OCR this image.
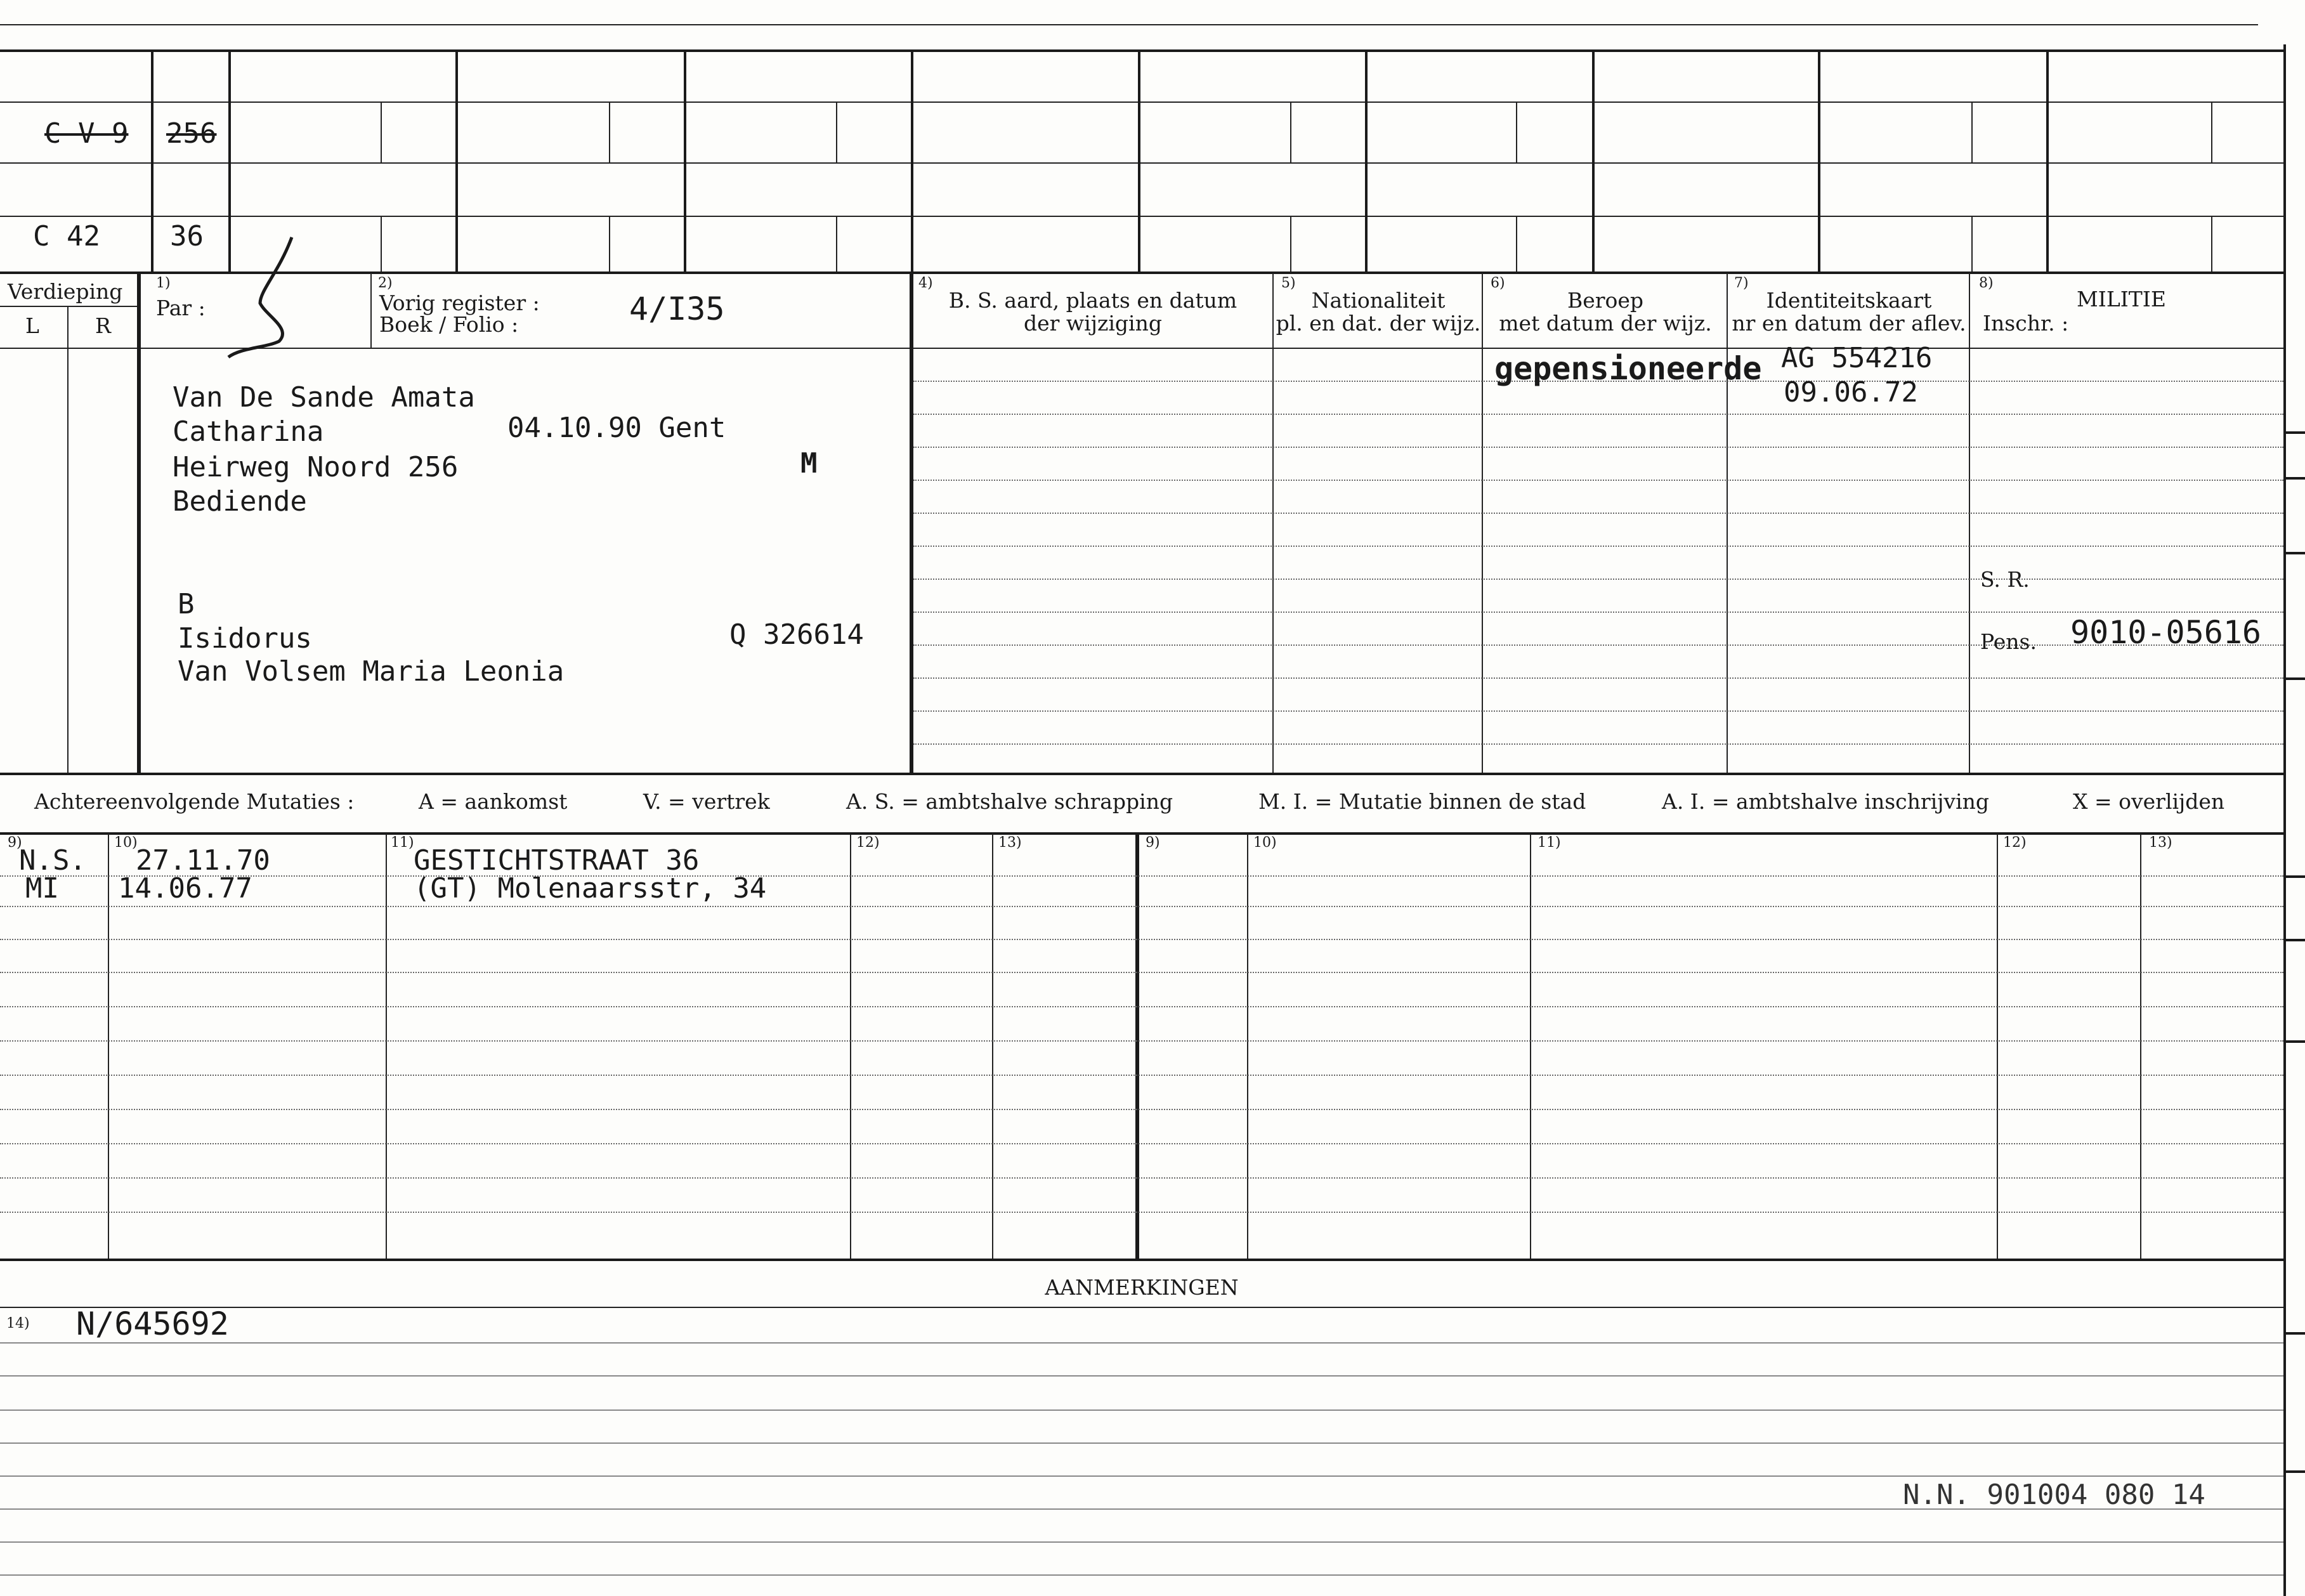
C V 9 256
C 42	36
Verdieping
L	R
1)
Par :
2)
Vorig register :
Boek / Folio :	4/I35
4)
B. S. aard, plaats en datum
der wijziging
5)
Nationaliteit
pl. en dat. der wijz.
6)
Beroep
met datum der wijz.
7)
Identiteitskaart
nr en datum der aflev.
8)
MILITIE
Inschr. :
Van De Sande Amata
Catharina	04.10.90 Gent
Heirweg Noord 256	M
Bediende
B
Isidorus	Q 326614
Van Volsem Maria Leonia
gepensioneerde AG 554216
09.06.72
S. R.
Pens. 9010-05616
Achtereenvolgende Mutaties :	A = aankomst	V. = vertrek	A. S. = ambtshalve schrapping	M. I. = Mutatie binnen de stad	A. I. = ambtshalve inschrijving	X = overlijden
9)	10)	11)	12)	13)	9)	10)	11)	12)	13)
N.S. 27.11.70	GESTICHTSTRAAT 36
MI 14.06.77	(GT) Molenaarsstr, 34
AANMERKINGEN
14) N/645692
N.N. 901004 080 14
